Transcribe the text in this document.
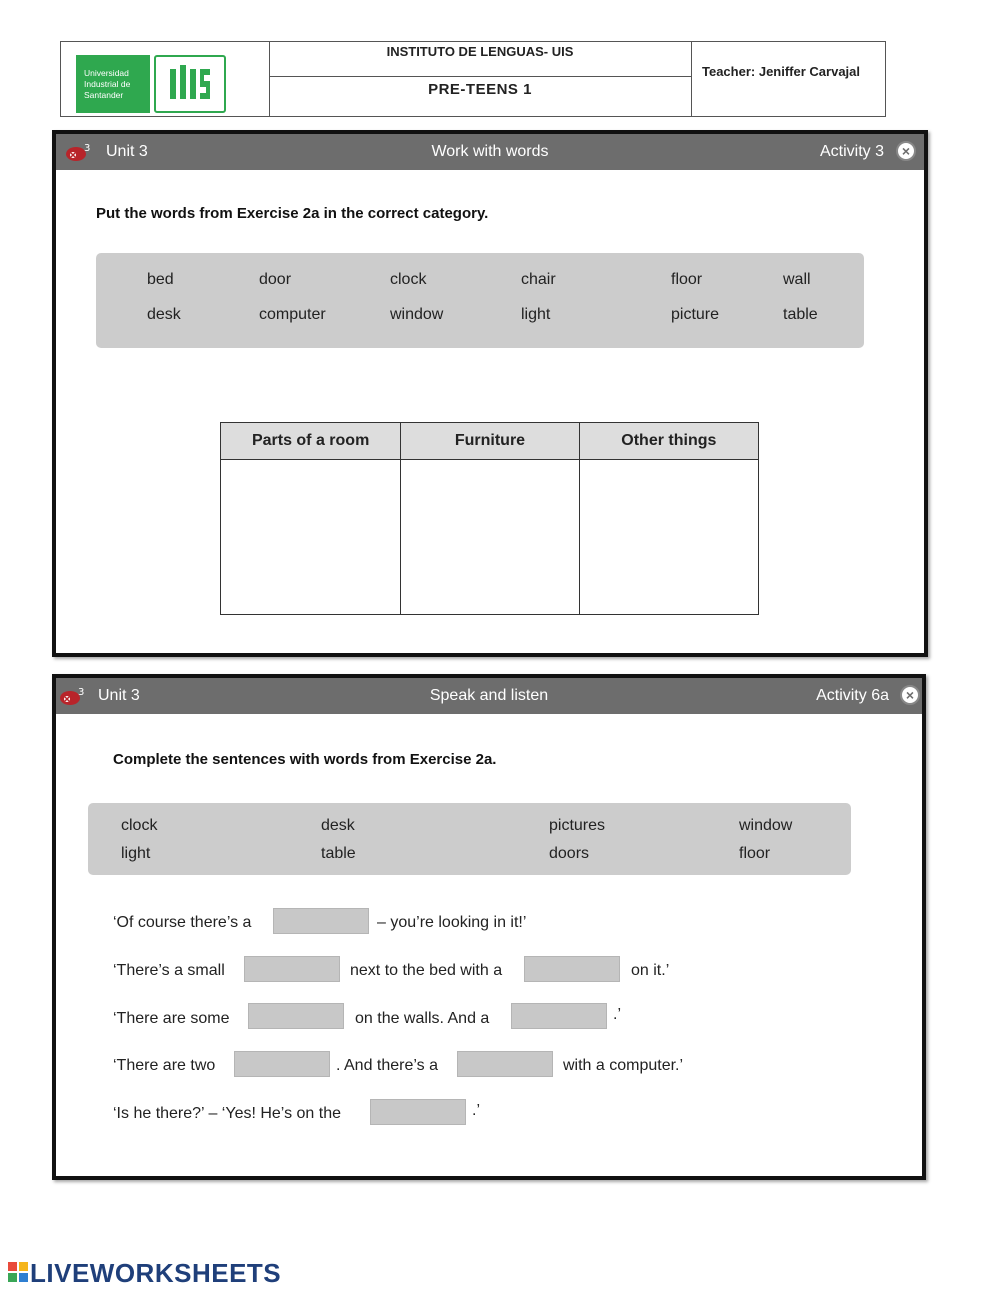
Universidad Industrial de Santander
INSTITUTO DE LENGUAS- UIS
PRE-TEENS 1
Teacher: Jeniffer Carvajal
3 Unit 3	Work with words	Activity 3	×
Put the words from Exercise 2a in the correct category.
bed	door	clock	chair	floor	wall
desk	computer	window	light	picture	table
Parts of a room	Furniture	Other things

3 Unit 3	Speak and listen	Activity 6a	×
Complete the sentences with words from Exercise 2a.
clock	desk	pictures	window
light	table	doors	floor
‘Of course there’s a	– you’re looking in it!’
‘There’s a small	next to the bed with a	on it.’
‘There are some	on the walls. And a	.’
‘There are two	. And there’s a	with a computer.’
‘Is he there?’ – ‘Yes! He’s on the	.’
LIVEWORKSHEETS
